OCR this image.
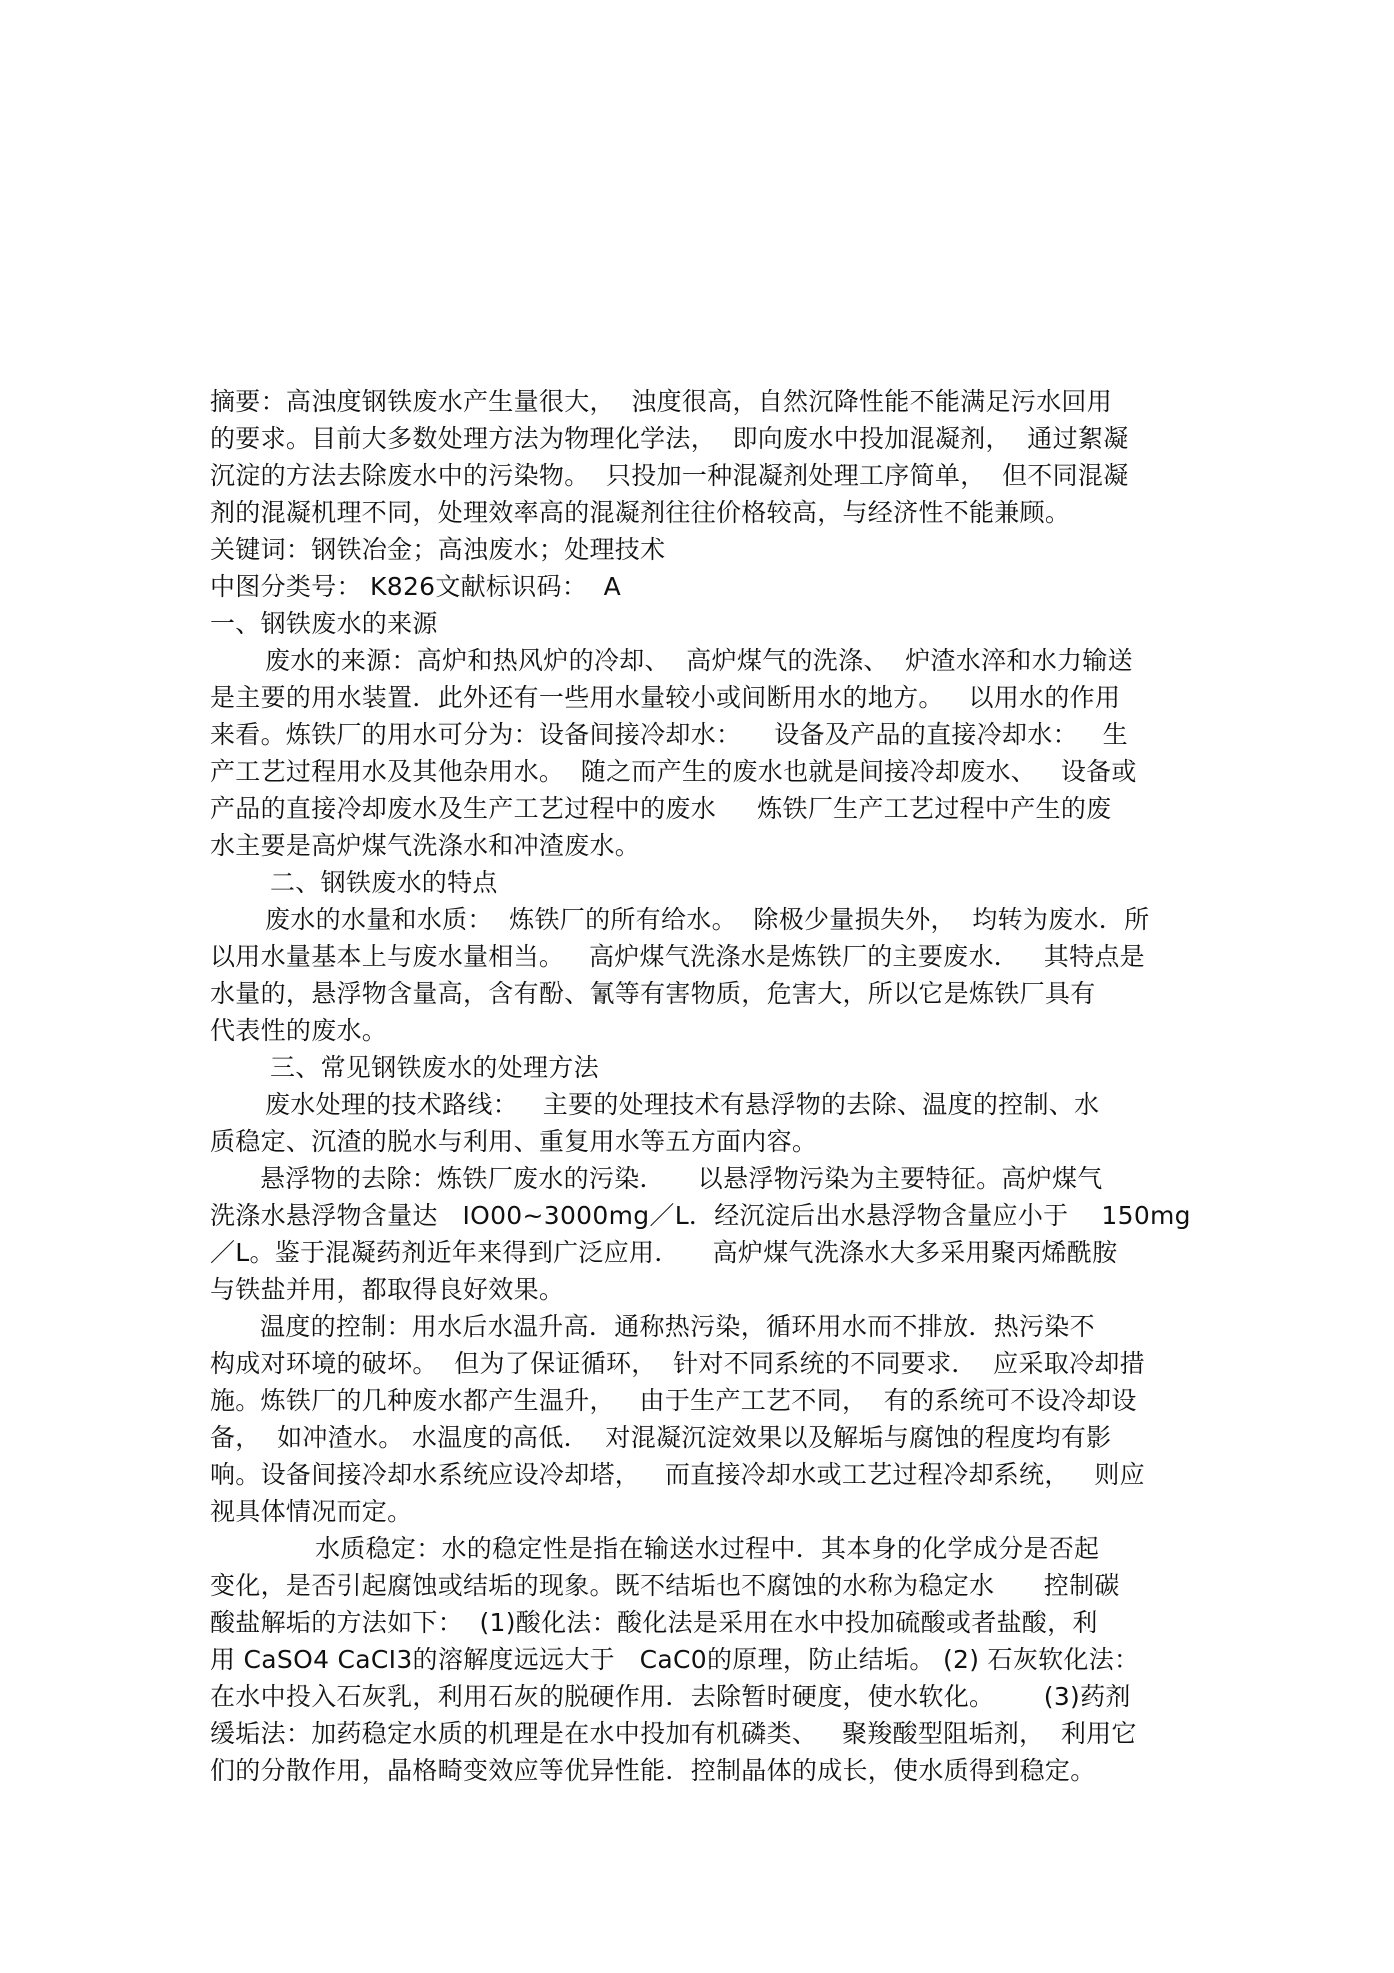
摘要：高浊度钢铁废水产生量很大，  浊度很高，自然沉降性能不能满足污水回用
的要求。目前大多数处理方法为物理化学法，  即向废水中投加混凝剂，  通过絮凝
沉淀的方法去除废水中的污染物。  只投加一种混凝剂处理工序简单，  但不同混凝
剂的混凝机理不同，处理效率高的混凝剂往往价格较高，与经济性不能兼顾。
关键词：钢铁冶金；高浊废水；处理技术
中图分类号： K826文献标识码：  A
一、钢铁废水的来源
废水的来源：高炉和热风炉的冷却、  高炉煤气的洗涤、  炉渣水淬和水力输送
是主要的用水装置．此外还有一些用水量较小或间断用水的地方。   以用水的作用
来看。炼铁厂的用水可分为：设备间接冷却水：    设备及产品的直接冷却水：   生
产工艺过程用水及其他杂用水。  随之而产生的废水也就是间接冷却废水、   设备或
产品的直接冷却废水及生产工艺过程中的废水     炼铁厂生产工艺过程中产生的废
水主要是高炉煤气洗涤水和冲渣废水。
二、钢铁废水的特点
废水的水量和水质：  炼铁厂的所有给水。  除极少量损失外，  均转为废水．所
以用水量基本上与废水量相当。   高炉煤气洗涤水是炼铁厂的主要废水．   其特点是
水量的，悬浮物含量高，含有酚、氰等有害物质，危害大，所以它是炼铁厂具有
代表性的废水。
三、常见钢铁废水的处理方法
废水处理的技术路线：   主要的处理技术有悬浮物的去除、温度的控制、水
质稳定、沉渣的脱水与利用、重复用水等五方面内容。
悬浮物的去除：炼铁厂废水的污染．    以悬浮物污染为主要特征。高炉煤气
洗涤水悬浮物含量达   IO00~3000mg／L．经沉淀后出水悬浮物含量应小于    150mg
／L。鉴于混凝药剂近年来得到广泛应用．    高炉煤气洗涤水大多采用聚丙烯酰胺
与铁盐并用，都取得良好效果。
温度的控制：用水后水温升高．通称热污染，循环用水而不排放．热污染不
构成对环境的破坏。  但为了保证循环，  针对不同系统的不同要求．  应采取冷却措
施。炼铁厂的几种废水都产生温升，   由于生产工艺不同，  有的系统可不设冷却设
备，  如冲渣水。 水温度的高低．  对混凝沉淀效果以及解垢与腐蚀的程度均有影
响。设备间接冷却水系统应设冷却塔，   而直接冷却水或工艺过程冷却系统，   则应
视具体情况而定。
水质稳定：水的稳定性是指在输送水过程中．其本身的化学成分是否起
变化，是否引起腐蚀或结垢的现象。既不结垢也不腐蚀的水称为稳定水      控制碳
酸盐解垢的方法如下：  (1)酸化法：酸化法是采用在水中投加硫酸或者盐酸，利
用 CaSO4 CaCI3的溶解度远远大于   CaC0的原理，防止结垢。 (2) 石灰软化法：
在水中投入石灰乳，利用石灰的脱硬作用．去除暂时硬度，使水软化。      (3)药剂
缓垢法：加药稳定水质的机理是在水中投加有机磷类、   聚羧酸型阻垢剂，  利用它
们的分散作用，晶格畸变效应等优异性能．控制晶体的成长，使水质得到稳定。
